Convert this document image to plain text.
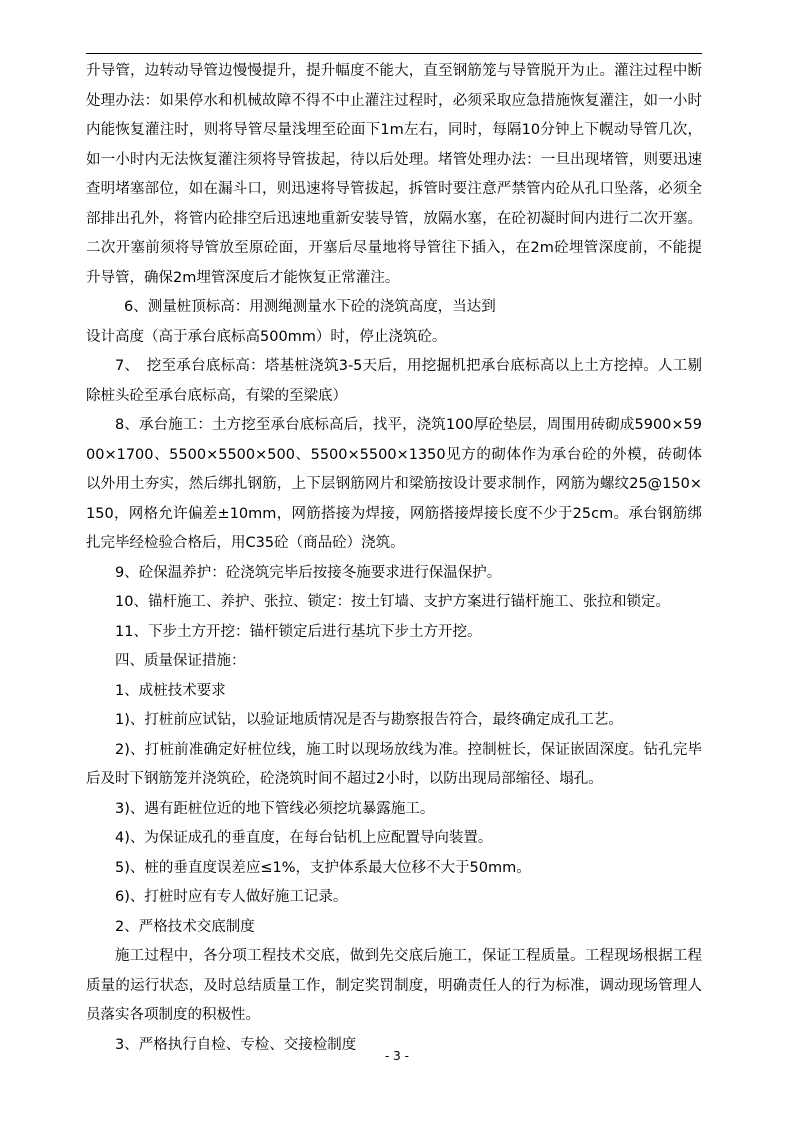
升导管，边转动导管边慢慢提升，提升幅度不能大，直至钢筋笼与导管脱开为止。灌注过程中断处理办法：如果停水和机械故障不得不中止灌注过程时，必须采取应急措施恢复灌注，如一小时内能恢复灌注时，则将导管尽量浅埋至砼面下1m左右，同时，每隔10分钟上下幌动导管几次，如一小时内无法恢复灌注须将导管拔起，待以后处理。堵管处理办法：一旦出现堵管，则要迅速查明堵塞部位，如在漏斗口，则迅速将导管拔起，拆管时要注意严禁管内砼从孔口坠落，必须全部排出孔外，将管内砼排空后迅速地重新安装导管，放隔水塞，在砼初凝时间内进行二次开塞。二次开塞前须将导管放至原砼面，开塞后尽量地将导管往下插入，在2m砼埋管深度前，不能提升导管，确保2m埋管深度后才能恢复正常灌注。

6、测量桩顶标高：用测绳测量水下砼的浇筑高度，当达到

设计高度（高于承台底标高500mm）时，停止浇筑砼。

7、　挖至承台底标高：塔基桩浇筑3-5天后，用挖掘机把承台底标高以上土方挖掉。人工剔除桩头砼至承台底标高，有梁的至梁底）

8、承台施工：土方挖至承台底标高后，找平，浇筑100厚砼垫层，周围用砖砌成5900×5900×1700、5500×5500×500、5500×5500×1350见方的砌体作为承台砼的外模，砖砌体以外用土夯实，然后绑扎钢筋，上下层钢筋网片和梁筋按设计要求制作，网筋为螺纹25@150×150，网格允许偏差±10mm，网筋搭接为焊接，网筋搭接焊接长度不少于25cm。承台钢筋绑扎完毕经检验合格后，用C35砼（商品砼）浇筑。

9、砼保温养护：砼浇筑完毕后按接冬施要求进行保温保护。

10、锚杆施工、养护、张拉、锁定：按土钉墙、支护方案进行锚杆施工、张拉和锁定。

11、下步土方开挖：锚杆锁定后进行基坑下步土方开挖。

四、质量保证措施：

1、成桩技术要求

1)、打桩前应试钻，以验证地质情况是否与勘察报告符合，最终确定成孔工艺。

2)、打桩前准确定好桩位线，施工时以现场放线为准。控制桩长，保证嵌固深度。钻孔完毕后及时下钢筋笼并浇筑砼，砼浇筑时间不超过2小时，以防出现局部缩径、塌孔。

3)、遇有距桩位近的地下管线必须挖坑暴露施工。

4)、为保证成孔的垂直度，在每台钻机上应配置导向装置。

5)、桩的垂直度误差应≤1%，支护体系最大位移不大于50mm。

6)、打桩时应有专人做好施工记录。

2、严格技术交底制度

施工过程中，各分项工程技术交底，做到先交底后施工，保证工程质量。工程现场根据工程质量的运行状态，及时总结质量工作，制定奖罚制度，明确责任人的行为标准，调动现场管理人员落实各项制度的积极性。

3、严格执行自检、专检、交接检制度

- 3 -
